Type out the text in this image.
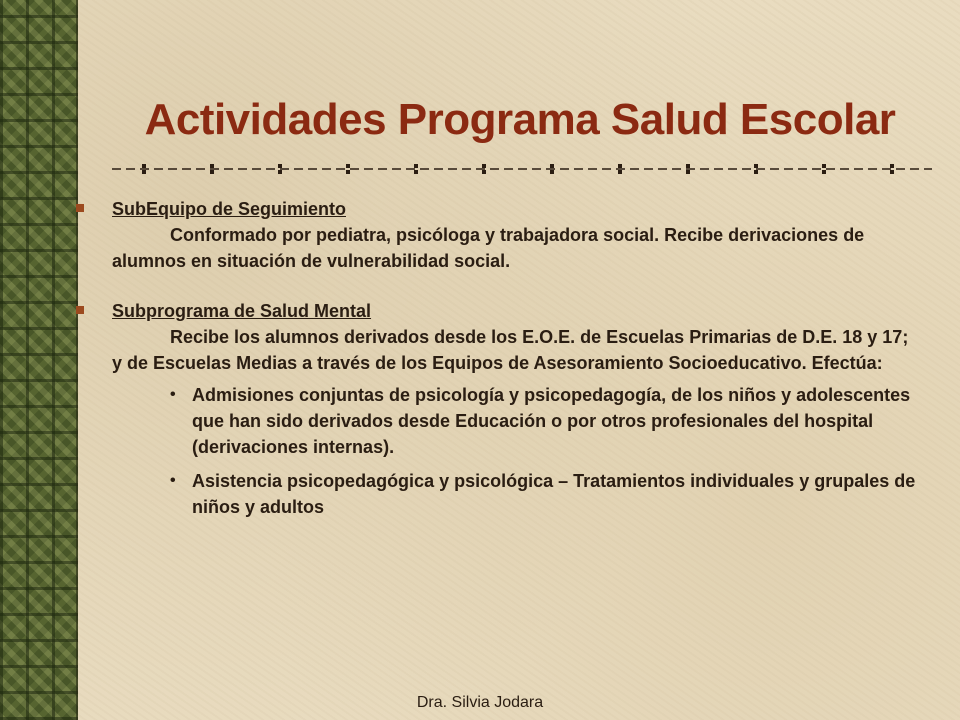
Actividades Programa Salud Escolar
SubEquipo de Seguimiento

Conformado por pediatra, psicóloga y trabajadora social. Recibe derivaciones de alumnos en situación de vulnerabilidad social.

Subprograma de Salud Mental

Recibe los alumnos derivados desde los E.O.E. de Escuelas Primarias de D.E. 18 y 17; y de Escuelas Medias a través de los Equipos de Asesoramiento Socioeducativo. Efectúa:

• Admisiones conjuntas de psicología y psicopedagogía, de los niños y adolescentes que han sido derivados desde Educación o por otros profesionales del hospital (derivaciones internas).
• Asistencia psicopedagógica y psicológica – Tratamientos individuales y grupales de niños y adultos
Dra. Silvia Jodara
